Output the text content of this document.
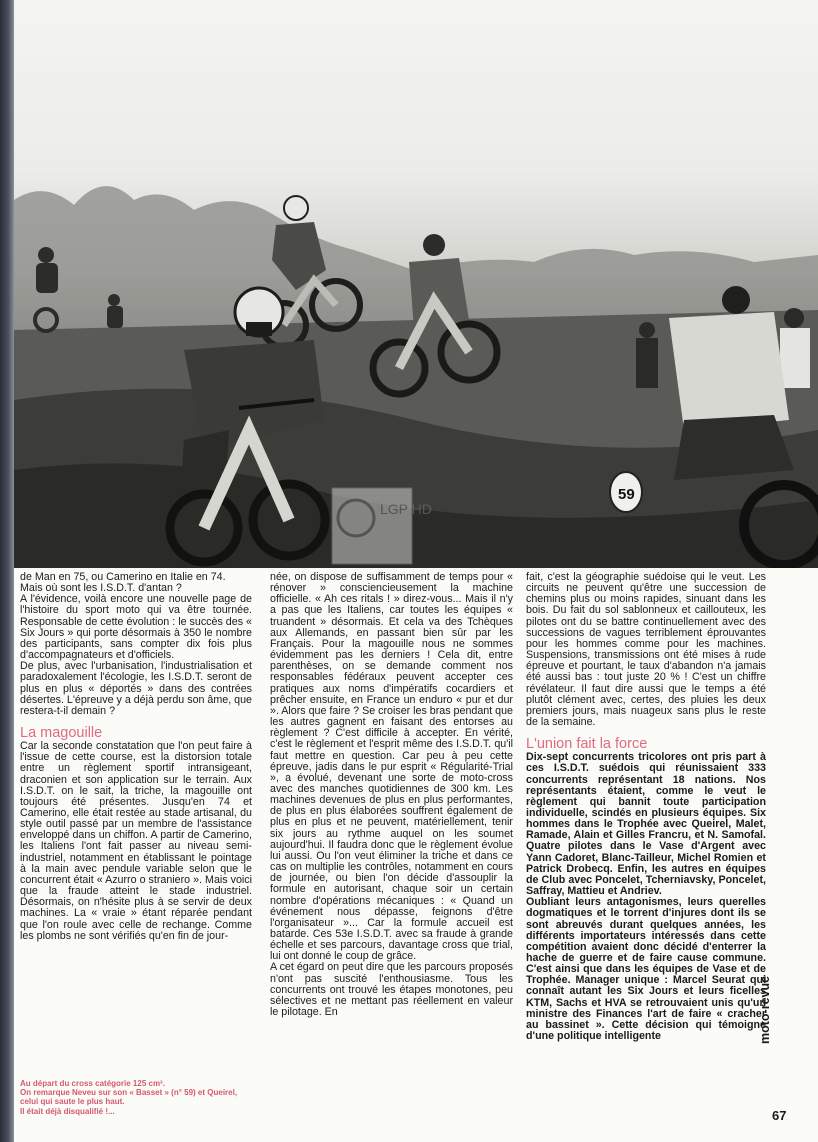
59
LGP HD

de Man en 75, ou Camerino en Italie en 74.
Mais où sont les I.S.D.T. d'antan ?
A l'évidence, voilà encore une nouvelle page de l'histoire du sport moto qui va être tournée. Responsable de cette évolution : le succès des « Six Jours » qui porte désormais à 350 le nombre des participants, sans compter dix fois plus d'accompagnateurs et d'officiels.
De plus, avec l'urbanisation, l'industrialisation et paradoxalement l'écologie, les I.S.D.T. seront de plus en plus « déportés » dans des contrées désertes. L'épreuve y a déjà perdu son âme, que restera-t-il demain ?

La magouille

Car la seconde constatation que l'on peut faire à l'issue de cette course, est la distorsion totale entre un règlement sportif intransigeant, draconien et son application sur le terrain. Aux I.S.D.T. on le sait, la triche, la magouille ont toujours été présentes. Jusqu'en 74 et Camerino, elle était restée au stade artisanal, du style outil passé par un membre de l'assistance enveloppé dans un chiffon. A partir de Camerino, les Italiens l'ont fait passer au niveau semi-industriel, notamment en établissant le pointage à la main avec pendule variable selon que le concurrent était « Azurro o straniero ». Mais voici que la fraude atteint le stade industriel. Désormais, on n'hésite plus à se servir de deux machines. La « vraie » étant réparée pendant que l'on roule avec celle de rechange. Comme les plombs ne sont vérifiés qu'en fin de jour-

née, on dispose de suffisamment de temps pour « rénover » consciencieusement la machine officielle. « Ah ces ritals ! » direz-vous... Mais il n'y a pas que les Italiens, car toutes les équipes « truandent » désormais. Et cela va des Tchèques aux Allemands, en passant bien sûr par les Français. Pour la magouille nous ne sommes évidemment pas les derniers ! Cela dit, entre parenthèses, on se demande comment nos responsables fédéraux peuvent accepter ces pratiques aux noms d'impératifs cocardiers et prêcher ensuite, en France un enduro « pur et dur ». Alors que faire ? Se croiser les bras pendant que les autres gagnent en faisant des entorses au règlement ? C'est difficile à accepter. En vérité, c'est le règlement et l'esprit même des I.S.D.T. qu'il faut mettre en question. Car peu à peu cette épreuve, jadis dans le pur esprit « Régularité-Trial », a évolué, devenant une sorte de moto-cross avec des manches quotidiennes de 300 km. Les machines devenues de plus en plus performantes, de plus en plus élaborées souffrent également de plus en plus et ne peuvent, matériellement, tenir six jours au rythme auquel on les soumet aujourd'hui. Il faudra donc que le règlement évolue lui aussi. Ou l'on veut éliminer la triche et dans ce cas on multiplie les contrôles, notamment en cours de journée, ou bien l'on décide d'assouplir la formule en autorisant, chaque soir un certain nombre d'opérations mécaniques : « Quand un événement nous dépasse, feignons d'être l'organisateur »... Car la formule accueil est batarde. Ces 53e I.S.D.T. avec sa fraude à grande échelle et ses parcours, davantage cross que trial, lui ont donné le coup de grâce.
A cet égard on peut dire que les parcours proposés n'ont pas suscité l'enthousiasme. Tous les concurrents ont trouvé les étapes monotones, peu sélectives et ne mettant pas réellement en valeur le pilotage. En

fait, c'est la géographie suédoise qui le veut. Les circuits ne peuvent qu'être une succession de chemins plus ou moins rapides, sinuant dans les bois. Du fait du sol sablonneux et caillouteux, les pilotes ont du se battre continuellement avec des successions de vagues terriblement éprouvantes pour les hommes comme pour les machines. Suspensions, transmissions ont été mises à rude épreuve et pourtant, le taux d'abandon n'a jamais été aussi bas : tout juste 20 % ! C'est un chiffre révélateur. Il faut dire aussi que le temps a été plutôt clément avec, certes, des pluies les deux premiers jours, mais nuageux sans plus le reste de la semaine.

L'union fait la force

Dix-sept concurrents tricolores ont pris part à ces I.S.D.T. suédois qui réunissaient 333 concurrents représentant 18 nations. Nos représentants étaient, comme le veut le règlement qui bannit toute participation individuelle, scindés en plusieurs équipes. Six hommes dans le Trophée avec Queirel, Malet, Ramade, Alain et Gilles Francru, et N. Samofal. Quatre pilotes dans le Vase d'Argent avec Yann Cadoret, Blanc-Tailleur, Michel Romien et Patrick Drobecq. Enfin, les autres en équipes de Club avec Poncelet, Tcherniavsky, Poncelet, Saffray, Mattieu et Andriev.
Oubliant leurs antagonismes, leurs querelles dogmatiques et le torrent d'injures dont ils se sont abreuvés durant quelques années, les différents importateurs intéressés dans cette compétition avaient donc décidé d'enterrer la hache de guerre et de faire cause commune. C'est ainsi que dans les équipes de Vase et de Trophée. Manager unique : Marcel Seurat qui connaît autant les Six Jours et leurs ficelles KTM, Sachs et HVA se retrouvaient unis qu'un ministre des Finances l'art de faire « cracher au bassinet ». Cette décision qui témoigne d'une politique intelligente

Au départ du cross catégorie 125 cm³.
On remarque Neveu sur son « Basset » (n° 59) et Queirel, celui qui saute le plus haut.
Il était déjà disqualifié !...
moto-revue
67
